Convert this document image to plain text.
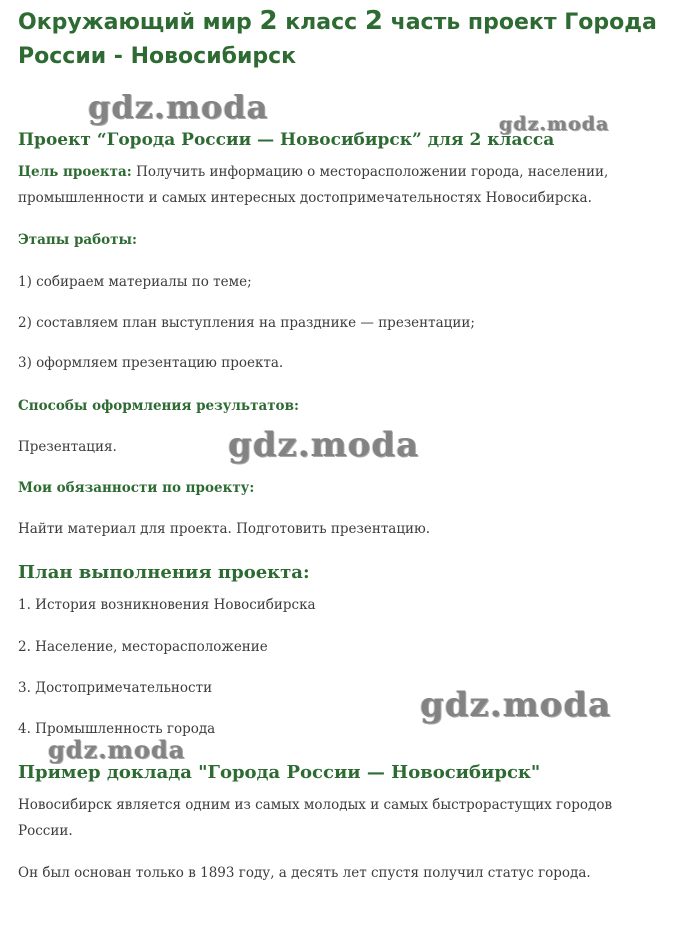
Окружающий мир 2 класс 2 часть проект Города
России - Новосибирск
Проект “Города России — Новосибирск” для 2 класса

Цель проекта: Получить информацию о месторасположении города, населении, промышленности и самых интересных достопримечательностях Новосибирска.

Этапы работы:

1) собираем материалы по теме;

2) составляем план выступления на празднике — презентации;

3) оформляем презентацию проекта.

Способы оформления результатов:

Презентация.

Мои обязанности по проекту:

Найти материал для проекта. Подготовить презентацию.

План выполнения проекта:

1. История возникновения Новосибирска

2. Население, месторасположение

3. Достопримечательности

4. Промышленность города

Пример доклада "Города России — Новосибирск"

Новосибирск является одним из самых молодых и самых быстрорастущих городов России.

Он был основан только в 1893 году, а десять лет спустя получил статус города.

gdz.moda	gdz.moda
gdz.moda
gdz.moda
gdz.moda
